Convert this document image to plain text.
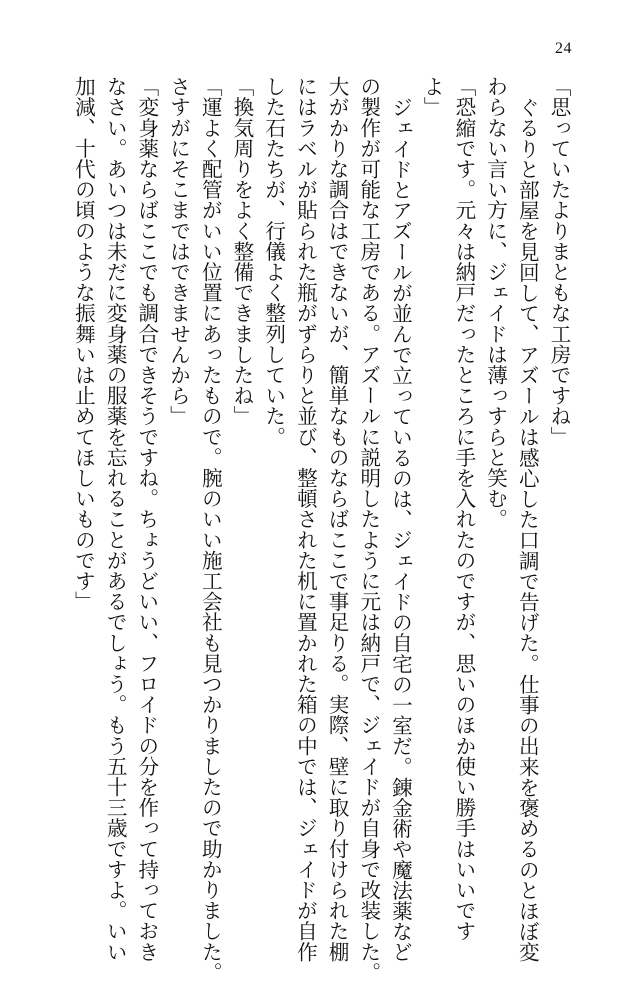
24
「思っていたよりまともな工房ですね」
ぐるりと部屋を見回して、アズールは感心した口調で告げた。仕事の出来を褒めるのとほぼ変
わらない言い方に、ジェイドは薄っすらと笑む。
「恐縮です。元々は納戸だったところに手を入れたのですが、思いのほか使い勝手はいいです
よ」
ジェイドとアズールが並んで立っているのは、ジェイドの自宅の一室だ。錬金術や魔法薬など
の製作が可能な工房である。アズールに説明したように元は納戸で、ジェイドが自身で改装した。
大がかりな調合はできないが、簡単なものならばここで事足りる。実際、壁に取り付けられた棚
にはラベルが貼られた瓶がずらりと並び、整頓された机に置かれた箱の中では、ジェイドが自作
した石たちが、行儀よく整列していた。
「換気周りをよく整備できましたね」
「運よく配管がいい位置にあったもので。腕のいい施工会社も見つかりましたので助かりました。
さすがにそこまではできませんから」
「変身薬ならばここでも調合できそうですね。ちょうどいい、フロイドの分を作って持っておき
なさい。あいつは未だに変身薬の服薬を忘れることがあるでしょう。もう五十三歳ですよ。いい
加減、十代の頃のような振舞いは止めてほしいものです」
